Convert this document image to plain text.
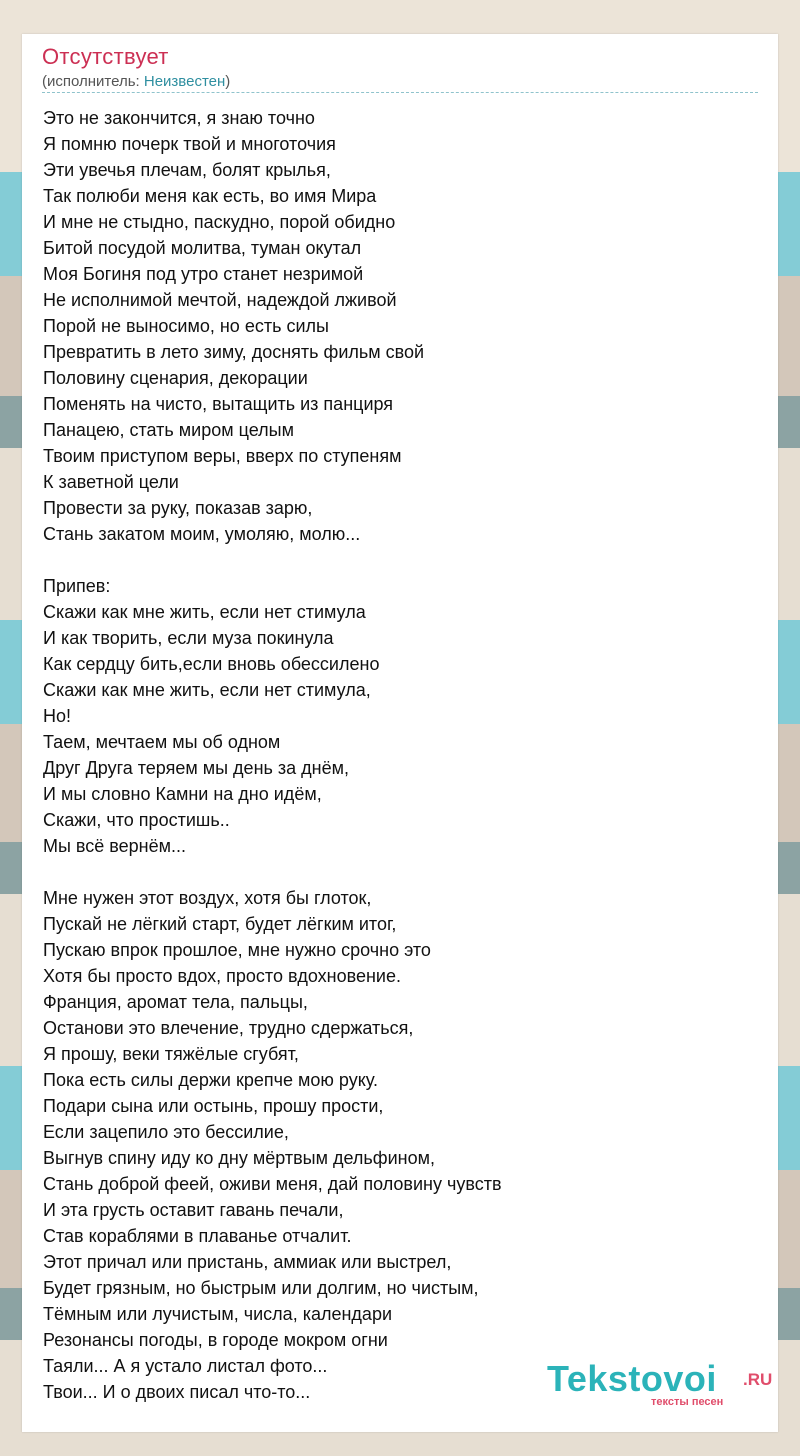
Отсутствует
(исполнитель: Неизвестен)
Это не закончится, я знаю точно
Я помню почерк твой и многоточия
Эти увечья плечам, болят крылья,
Так полюби меня как есть, во имя Мира
И мне не стыдно, паскудно, порой обидно
Битой посудой молитва, туман окутал
Моя Богиня под утро станет незримой
Не исполнимой мечтой, надеждой лживой
Порой не выносимо, но есть силы
Превратить в лето зиму, доснять фильм свой
Половину сценария, декорации
Поменять на чисто, вытащить из панциря
Панацею, стать миром целым
Твоим приступом веры, вверх по ступеням
К заветной цели
Провести за руку, показав зарю,
Стань закатом моим, умоляю, молю...
Припев:
Скажи как мне жить, если нет стимула
И как творить, если муза покинула
Как сердцу бить,если вновь обессилено
Скажи как мне жить, если нет стимула,
Но!
Таем, мечтаем мы об одном
Друг Друга теряем мы день за днём,
И мы словно Камни на дно идём,
Скажи, что простишь..
Мы всё вернём...
Мне нужен этот воздух, хотя бы глоток,
Пускай не лёгкий старт, будет лёгким итог,
Пускаю впрок прошлое, мне нужно срочно это
Хотя бы просто вдох, просто вдохновение.
Франция, аромат тела, пальцы,
Останови это влечение, трудно сдержаться,
Я прошу, веки тяжёлые сгубят,
Пока есть силы держи крепче мою руку.
Подари сына или остынь, прошу прости,
Если зацепило это бессилие,
Выгнув спину иду ко дну мёртвым дельфином,
Стань доброй феей, оживи меня, дай половину чувств
И эта грусть оставит гавань печали,
Став кораблями в плаванье отчалит.
Этот причал или пристань, аммиак или выстрел,
Будет грязным, но быстрым или долгим, но чистым,
Тёмным или лучистым, числа, календари
Резонансы погоды, в городе мокром огни
Таяли... А я устало листал фото...
Твои... И о двоих писал что-то...	Tekstovoi .RU
тексты песен
